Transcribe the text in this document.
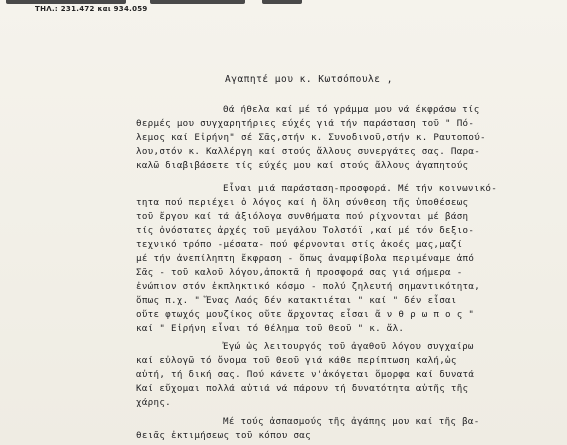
ΤΗΛ.: 231.472 και 934.059
Αγαπητέ μου κ. Κωτσόπουλε ,
Θά ήθελα καί μέ τό γράμμα μου νά έκφράσω τίς
θερμές μου συγχαρητήριες εύχές γιά τήν παράσταση τοῦ " Πό-
λεμος καί Εἰρήνη" σέ Σᾶς,στήν κ. Συνοδινοῦ,στήν κ. Ραυτοπού-
λου,στόν κ. Καλλέργη καί στούς ἄλλους συνεργάτες σας. Παρα-
καλῶ διαβιβάσετε τίς εύχές μου καί στούς ἄλλους ἀγαπητούς
Εἶναι μιά παράσταση-προσφορά. Μέ τήν κοινωνικό-
τητα πού περιέχει ὁ λόγος καί ἡ ὅλη σύνθεση τῆς ὑποθέσεως
τοῦ ἔργου καί τά ἀξιόλογα συνθήματα πού ρίχνονται μέ βάση
τίς ὀνόστατες ἀρχές τοῦ μεγάλου Τολστόϊ ,καί μέ τόν δεξιο-
τεχνικό τρόπο -μέσατα- πού φέρνονται στίς ἀκοές μας,μαζί
μέ τήν ἀνεπίληπτη ἔκφραση - ὅπως ἀναμφίβολα περιμέναμε ἀπό
Σᾶς - τοῦ καλοῦ λόγου,ἀποκτᾶ ἡ προσφορά σας γιά σήμερα -
ἐνώπιον στόν ἐκπληκτικό κόσμο - πολύ ζηλευτή σημαντικότητα,
ὅπως π.χ. " Ἕνας Λαός δέν κατακτιέται " καί " δέν εἶσαι
οὔτε φτωχός μουζίκος οὔτε ἄρχοντας εἶσαι ἄ ν θ ρ ω π ο ς "
καί " Εἰρήνη εἶναι τό θέλημα τοῦ Θεοῦ " κ. ἄλ.
Ἐγώ ὡς λειτουργός τοῦ ἀγαθοῦ λόγου συγχαίρω
καί εὐλογῶ τό ὄνομα τοῦ Θεοῦ γιά κάθε περίπτωση καλή,ὡς
αὐτή, τή δική σας. Πού κάνετε ν'ἀκόγεται ὅμορφα καί δυνατά
Καί εὔχομαι πολλά αὐτιά νά πάρουν τή δυνατότητα αὐτῆς τῆς
χάρης.
Μέ τούς ἀσπασμούς τῆς ἀγάπης μου καί τῆς βα-
θειᾶς ἐκτιμήσεως τοῦ κόπου σας
